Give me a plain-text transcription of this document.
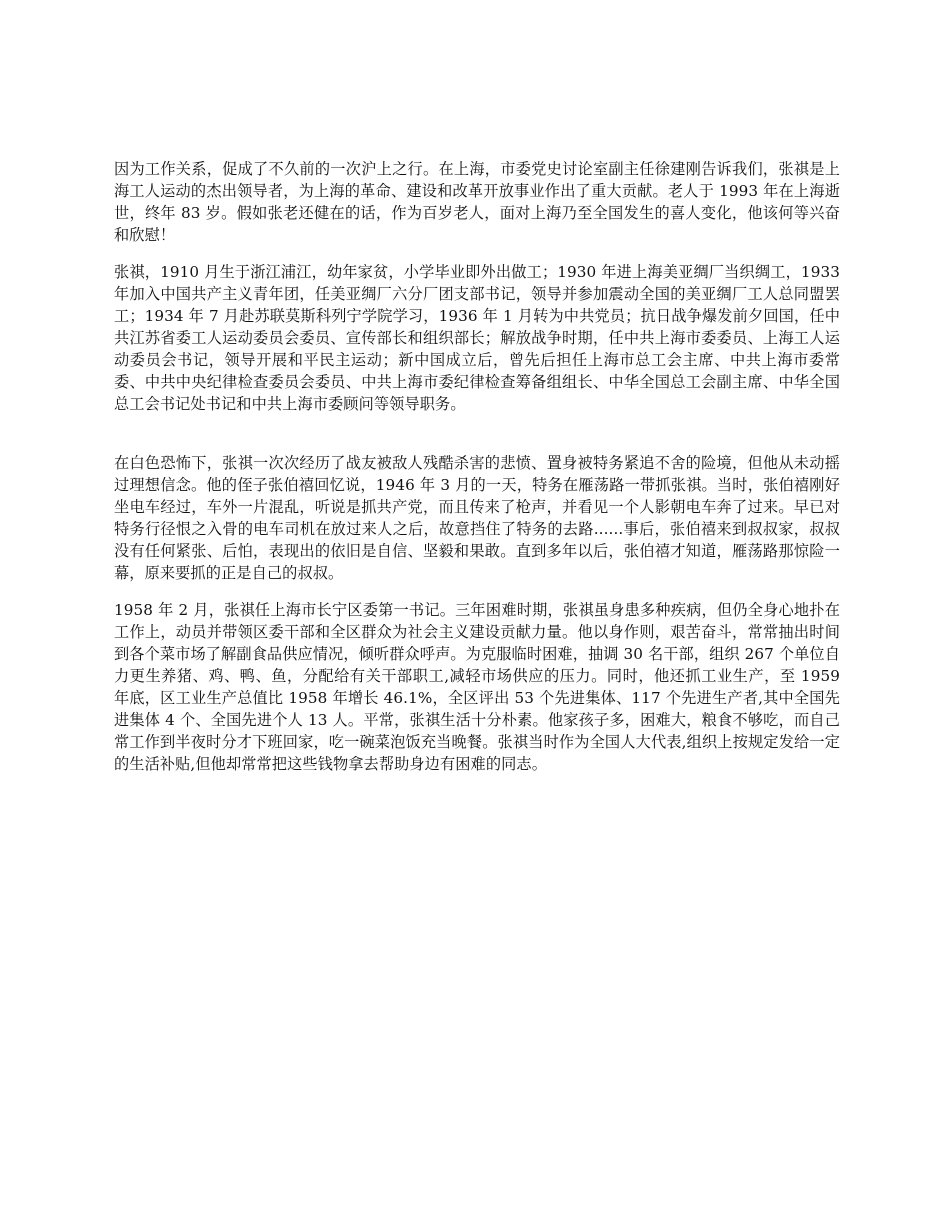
因为工作关系，促成了不久前的一次沪上之行。在上海，市委党史讨论室副主任徐建刚告诉我们，张祺是上海工人运动的杰出领导者，为上海的革命、建设和改革开放事业作出了重大贡献。老人于 1993 年在上海逝世，终年 83 岁。假如张老还健在的话，作为百岁老人，面对上海乃至全国发生的喜人变化，他该何等兴奋和欣慰！

张祺，1910 月生于浙江浦江，幼年家贫，小学毕业即外出做工；1930 年进上海美亚绸厂当织绸工，1933 年加入中国共产主义青年团，任美亚绸厂六分厂团支部书记，领导并参加震动全国的美亚绸厂工人总同盟罢工；1934 年 7 月赴苏联莫斯科列宁学院学习，1936 年 1 月转为中共党员；抗日战争爆发前夕回国，任中共江苏省委工人运动委员会委员、宣传部长和组织部长；解放战争时期，任中共上海市委委员、上海工人运动委员会书记，领导开展和平民主运动；新中国成立后，曾先后担任上海市总工会主席、中共上海市委常委、中共中央纪律检查委员会委员、中共上海市委纪律检查筹备组组长、中华全国总工会副主席、中华全国总工会书记处书记和中共上海市委顾问等领导职务。

在白色恐怖下，张祺一次次经历了战友被敌人残酷杀害的悲愤、置身被特务紧追不舍的险境，但他从未动摇过理想信念。他的侄子张伯禧回忆说，1946 年 3 月的一天，特务在雁荡路一带抓张祺。当时，张伯禧刚好坐电车经过，车外一片混乱，听说是抓共产党，而且传来了枪声，并看见一个人影朝电车奔了过来。早已对特务行径恨之入骨的电车司机在放过来人之后，故意挡住了特务的去路......事后，张伯禧来到叔叔家，叔叔没有任何紧张、后怕，表现出的依旧是自信、坚毅和果敢。直到多年以后，张伯禧才知道，雁荡路那惊险一幕，原来要抓的正是自己的叔叔。

1958 年 2 月，张祺任上海市长宁区委第一书记。三年困难时期，张祺虽身患多种疾病，但仍全身心地扑在工作上，动员并带领区委干部和全区群众为社会主义建设贡献力量。他以身作则，艰苦奋斗，常常抽出时间到各个菜市场了解副食品供应情况，倾听群众呼声。为克服临时困难，抽调 30 名干部，组织 267 个单位自力更生养猪、鸡、鸭、鱼，分配给有关干部职工,减轻市场供应的压力。同时，他还抓工业生产，至 1959 年底，区工业生产总值比 1958 年增长 46.1%，全区评出 53 个先进集体、117 个先进生产者,其中全国先进集体 4 个、全国先进个人 13 人。平常，张祺生活十分朴素。他家孩子多，困难大，粮食不够吃，而自己常工作到半夜时分才下班回家，吃一碗菜泡饭充当晚餐。张祺当时作为全国人大代表,组织上按规定发给一定的生活补贴,但他却常常把这些钱物拿去帮助身边有困难的同志。
